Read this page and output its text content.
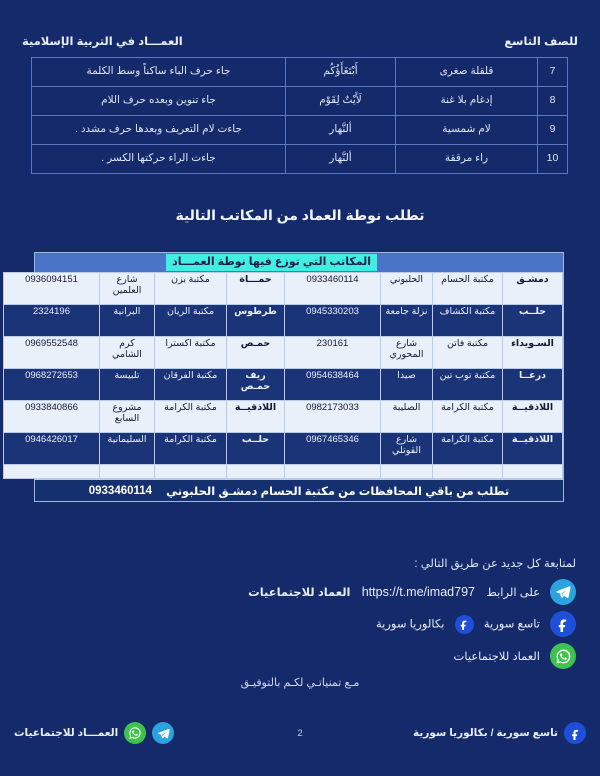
العمـــاد في التربية الإسلامية	للصف التاسع
7	قلقلة صغرى	أَبْتَغَأَؤُكُم	جاء حرف الباء ساكناً وسط الكلمة
8	إدغام بلا غنة	لَأَيْتٌ لِقَوْم	جاء تنوين وبعده حرف اللام
9	لام شمسية	ألنَّهار	جاءت لام التعريف وبعدها حرف مشدد .
10	راء مرققة	ألنَّهار	جاءت الراء حركتها الكسر .
تطلب نوطة العماد من المكاتب التالية
المكاتب التي توزع فيها نوطة العمـــاد
دمشـق	مكتبة الحسام	الحلبوني	0933460114	حمـــاة	مكتبة بزن	شارع العلمين	0936094151
حلــب	مكتبة الكشاف	نزلة جامعة	0945330203	طرطوس	مكتبة الريان	البرانية	2324196
السـويداء	مكتبة فاتن	شارع المحوري	230161	حمـص	مكتبة اكسترا	كرم الشامي	0969552548
درعــا	مكتبة توب تين	صيدا	0954638464	ريف حمـص	مكتبة الفرقان	تلبيسة	0968272653
اللاذقيــة	مكتبة الكرامة	الصليبة	0982173033	اللاذقيــة	مكتبة الكرامة	مشروع السابع	0933840866
اللاذقيــة	مكتبة الكرامة	شارع القوتلي	0967465346	حلــب	مكتبة الكرامة	السليمانية	0946426017

تطلب من باقي المحافظات من مكتبة الحسام دمشـق الحلبوني
0933460114
لمتابعة كل جديد عن طريق التالي :
على الرابط https://t.me/imad797 العماد للاجتماعيات
تاسع سورية
بكالوريا سورية
العماد للاجتماعيات
مـع تمنياتـي لكـم بالتوفيـق
العمـــاد للاجتماعيات	2	تاسع سورية / بكالوريا سورية
